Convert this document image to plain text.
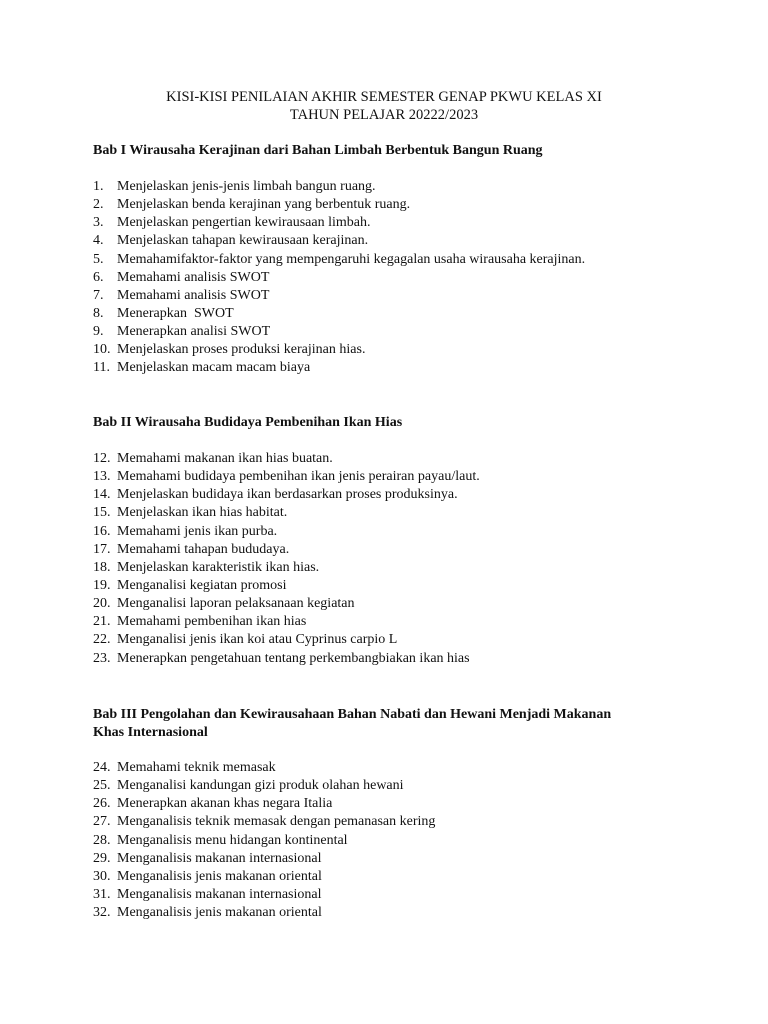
KISI-KISI PENILAIAN AKHIR SEMESTER GENAP PKWU KELAS XI
TAHUN PELAJAR 20222/2023
Bab I Wirausaha Kerajinan dari Bahan Limbah Berbentuk Bangun Ruang
1. Menjelaskan jenis-jenis limbah bangun ruang.
2. Menjelaskan benda kerajinan yang berbentuk ruang.
3. Menjelaskan pengertian kewirausaan limbah.
4. Menjelaskan tahapan kewirausaan kerajinan.
5. Memahamifaktor-faktor yang mempengaruhi kegagalan usaha wirausaha kerajinan.
6. Memahami analisis SWOT
7. Memahami analisis SWOT
8. Menerapkan  SWOT
9. Menerapkan analisi SWOT
10. Menjelaskan proses produksi kerajinan hias.
11. Menjelaskan macam macam biaya
Bab II Wirausaha Budidaya Pembenihan Ikan Hias
12. Memahami makanan ikan hias buatan.
13. Memahami budidaya pembenihan ikan jenis perairan payau/laut.
14. Menjelaskan budidaya ikan berdasarkan proses produksinya.
15. Menjelaskan ikan hias habitat.
16. Memahami jenis ikan purba.
17. Memahami tahapan bududaya.
18. Menjelaskan karakteristik ikan hias.
19. Menganalisi kegiatan promosi
20. Menganalisi laporan pelaksanaan kegiatan
21. Memahami pembenihan ikan hias
22. Menganalisi jenis ikan koi atau Cyprinus carpio L
23. Menerapkan pengetahuan tentang perkembangbiakan ikan hias
Bab III Pengolahan dan Kewirausahaan Bahan Nabati dan Hewani Menjadi Makanan
Khas Internasional
24. Memahami teknik memasak
25. Menganalisi kandungan gizi produk olahan hewani
26. Menerapkan akanan khas negara Italia
27. Menganalisis teknik memasak dengan pemanasan kering
28. Menganalisis menu hidangan kontinental
29. Menganalisis makanan internasional
30. Menganalisis jenis makanan oriental
31. Menganalisis makanan internasional
32. Menganalisis jenis makanan oriental
